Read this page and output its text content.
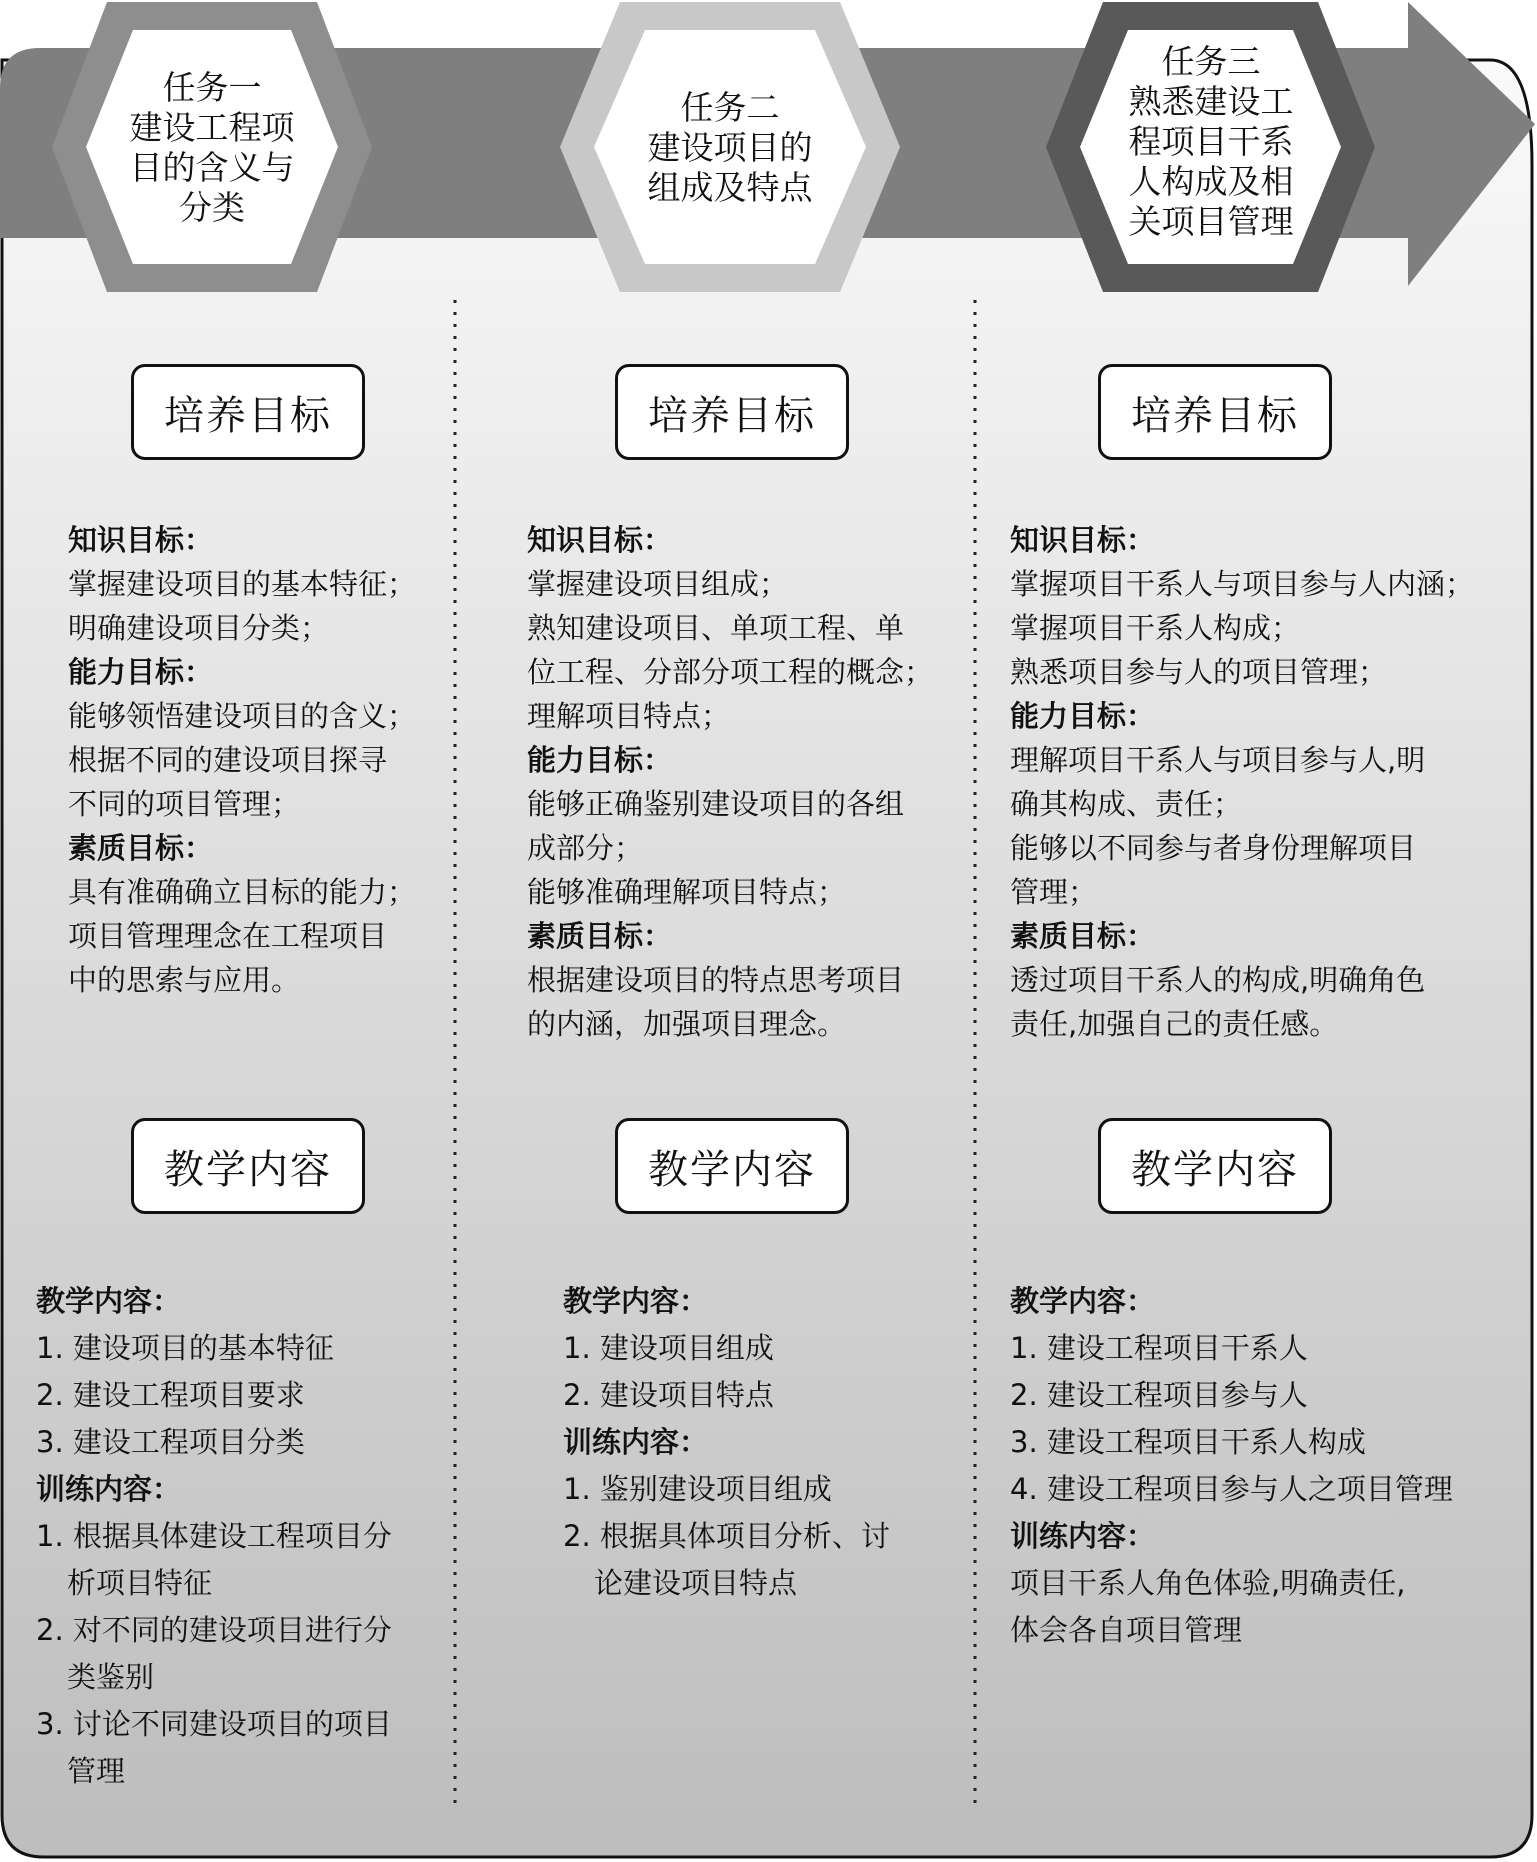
任务一
建设工程项
目的含义与
分类
任务二
建设项目的
组成及特点
任务三
熟悉建设工
程项目干系
人构成及相
关项目管理
培养目标	培养目标	培养目标
知识目标：
掌握建设项目的基本特征；
明确建设项目分类；
能力目标：
能够领悟建设项目的含义；
根据不同的建设项目探寻
不同的项目管理；
素质目标：
具有准确确立目标的能力；
项目管理理念在工程项目
中的思索与应用。
知识目标：
掌握建设项目组成；
熟知建设项目、单项工程、单
位工程、分部分项工程的概念；
理解项目特点；
能力目标：
能够正确鉴别建设项目的各组
成部分；
能够准确理解项目特点；
素质目标：
根据建设项目的特点思考项目
的内涵，加强项目理念。
知识目标：
掌握项目干系人与项目参与人内涵；
掌握项目干系人构成；
熟悉项目参与人的项目管理；
能力目标：
理解项目干系人与项目参与人,明
确其构成、责任；
能够以不同参与者身份理解项目
管理；
素质目标：
透过项目干系人的构成,明确角色
责任,加强自己的责任感。
教学内容	教学内容	教学内容
教学内容：
1. 建设项目的基本特征
2. 建设工程项目要求
3. 建设工程项目分类
训练内容：
1. 根据具体建设工程项目分
析项目特征
2. 对不同的建设项目进行分
类鉴别
3. 讨论不同建设项目的项目
管理
教学内容：
1. 建设项目组成
2. 建设项目特点
训练内容：
1. 鉴别建设项目组成
2. 根据具体项目分析、讨
论建设项目特点
教学内容：
1. 建设工程项目干系人
2. 建设工程项目参与人
3. 建设工程项目干系人构成
4. 建设工程项目参与人之项目管理
训练内容：
项目干系人角色体验,明确责任,
体会各自项目管理
